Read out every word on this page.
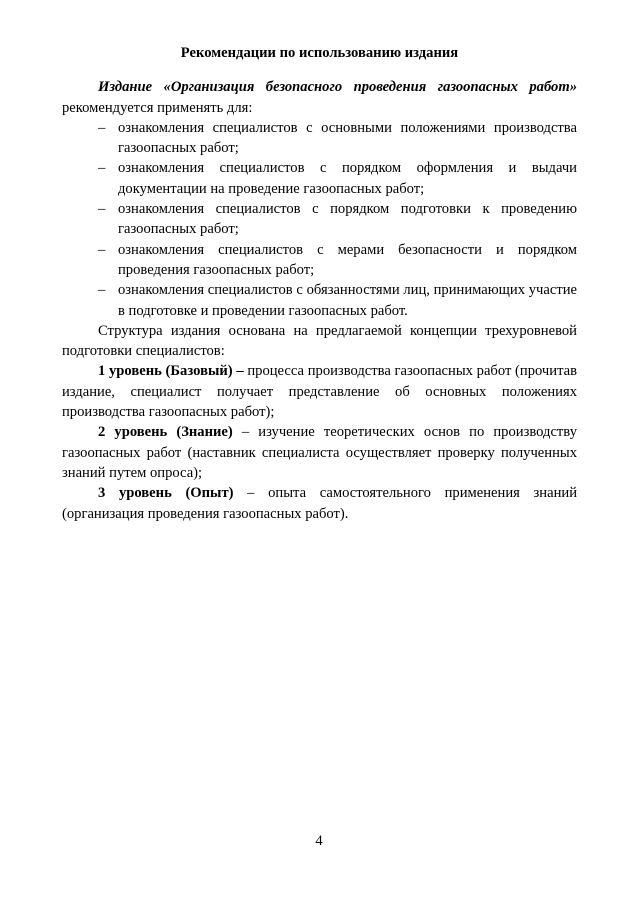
Рекомендации по использованию издания

Издание «Организация безопасного проведения газоопасных работ» рекомендуется применять для:

– ознакомления специалистов с основными положениями производства газоопасных работ;
– ознакомления специалистов с порядком оформления и выдачи документации на проведение газоопасных работ;
– ознакомления специалистов с порядком подготовки к проведению газоопасных работ;
– ознакомления специалистов с мерами безопасности и порядком проведения газоопасных работ;
– ознакомления специалистов с обязанностями лиц, принимающих участие в подготовке и проведении газоопасных работ.

Структура издания основана на предлагаемой концепции трехуровневой подготовки специалистов:

1 уровень (Базовый) – процесса производства газоопасных работ (прочитав издание, специалист получает представление об основных положениях производства газоопасных работ);

2 уровень (Знание) – изучение теоретических основ по производству газоопасных работ (наставник специалиста осуществляет проверку полученных знаний путем опроса);

3 уровень (Опыт) – опыта самостоятельного применения знаний (организация проведения газоопасных работ).

4
